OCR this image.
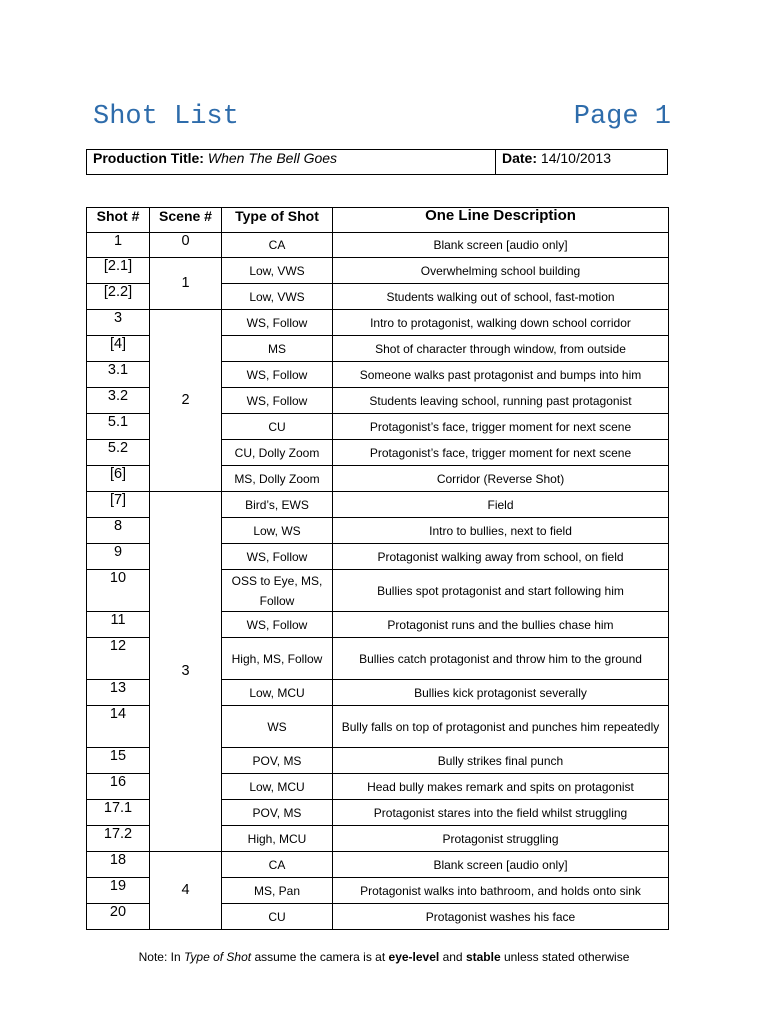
Shot List	Page 1
Production Title: When The Bell Goes	Date: 14/10/2013
Shot #	Scene #	Type of Shot	One Line Description
1	0	CA	Blank screen [audio only]
[2.1]	1	Low, VWS	Overwhelming school building
[2.2]		Low, VWS	Students walking out of school, fast-motion
3	2	WS, Follow	Intro to protagonist, walking down school corridor
[4]		MS	Shot of character through window, from outside
3.1		WS, Follow	Someone walks past protagonist and bumps into him
3.2		WS, Follow	Students leaving school, running past protagonist
5.1		CU	Protagonist’s face, trigger moment for next scene
5.2		CU, Dolly Zoom	Protagonist’s face, trigger moment for next scene
[6]		MS, Dolly Zoom	Corridor (Reverse Shot)
[7]	3	Bird’s, EWS	Field
8		Low, WS	Intro to bullies, next to field
9		WS, Follow	Protagonist walking away from school, on field
10		OSS to Eye, MS, Follow	Bullies spot protagonist and start following him
11		WS, Follow	Protagonist runs and the bullies chase him
12		High, MS, Follow	Bullies catch protagonist and throw him to the ground
13		Low, MCU	Bullies kick protagonist severally
14		WS	Bully falls on top of protagonist and punches him repeatedly
15		POV, MS	Bully strikes final punch
16		Low, MCU	Head bully makes remark and spits on protagonist
17.1		POV, MS	Protagonist stares into the field whilst struggling
17.2		High, MCU	Protagonist struggling
18	4	CA	Blank screen [audio only]
19		MS, Pan	Protagonist walks into bathroom, and holds onto sink
20		CU	Protagonist washes his face
Note: In Type of Shot assume the camera is at eye-level and stable unless stated otherwise
